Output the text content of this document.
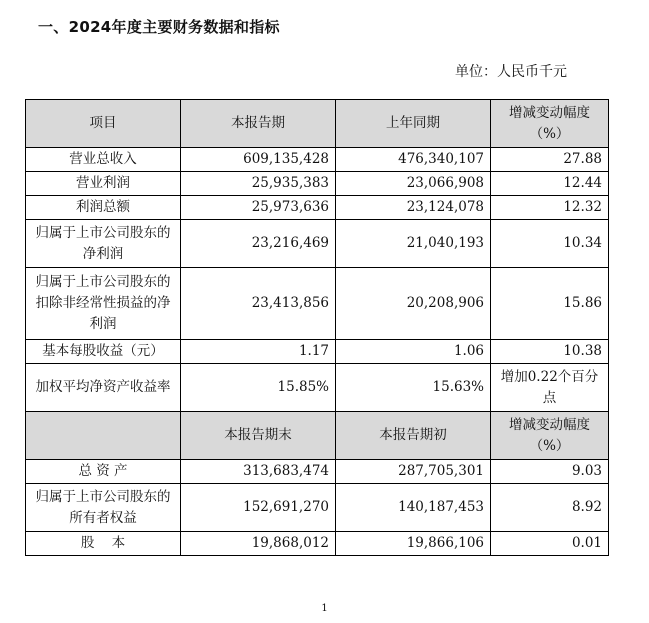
一、2024年度主要财务数据和指标
单位：人民币千元
项目	本报告期	上年同期	增减变动幅度（%）
营业总收入	609,135,428	476,340,107	27.88
营业利润	25,935,383	23,066,908	12.44
利润总额	25,973,636	23,124,078	12.32
归属于上市公司股东的净利润	23,216,469	21,040,193	10.34
归属于上市公司股东的扣除非经常性损益的净利润	23,413,856	20,208,906	15.86
基本每股收益（元）	1.17	1.06	10.38
加权平均净资产收益率	15.85%	15.63%	增加0.22个百分点
	本报告期末	本报告期初	增减变动幅度（%）
总 资 产	313,683,474	287,705,301	9.03
归属于上市公司股东的所有者权益	152,691,270	140,187,453	8.92
股    本	19,868,012	19,866,106	0.01
1
